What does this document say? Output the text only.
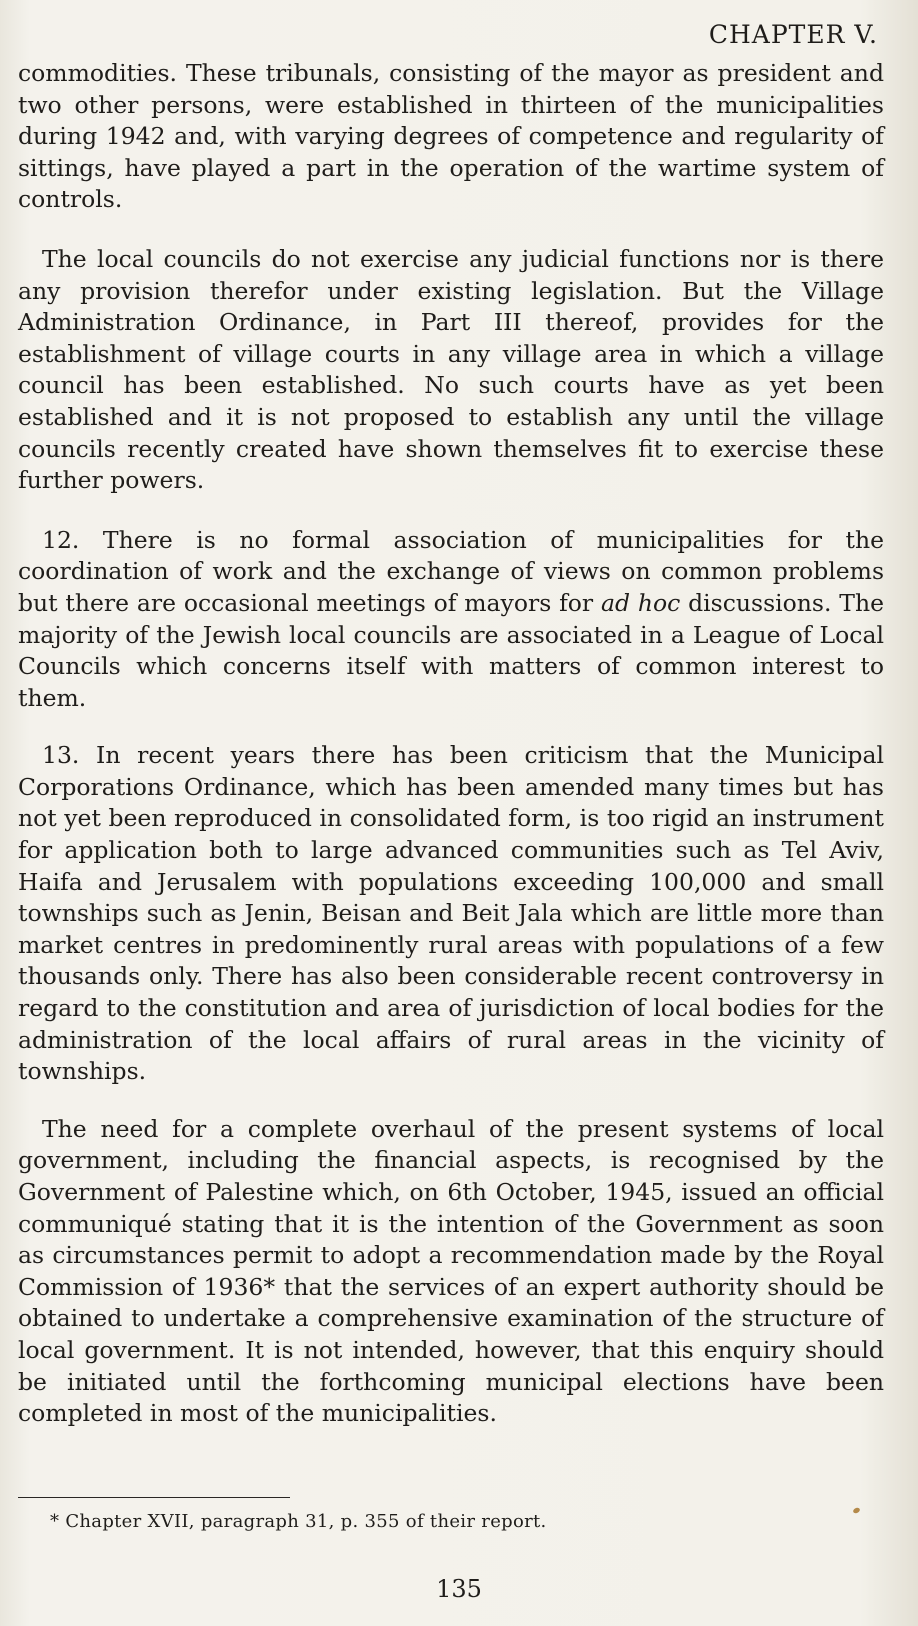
CHAPTER V.

commodities. These tribunals, consisting of the mayor as president and two other persons, were established in thirteen of the municipalities during 1942 and, with varying degrees of competence and regularity of sittings, have played a part in the operation of the wartime system of controls.

The local councils do not exercise any judicial functions nor is there any provision therefor under existing legislation. But the Village Administration Ordinance, in Part III thereof, provides for the establishment of village courts in any village area in which a village council has been established. No such courts have as yet been established and it is not proposed to establish any until the village councils recently created have shown themselves fit to exercise these further powers.

12. There is no formal association of municipalities for the coordination of work and the exchange of views on common problems but there are occasional meetings of mayors for ad hoc discussions. The majority of the Jewish local councils are associated in a League of Local Councils which concerns itself with matters of common interest to them.

13. In recent years there has been criticism that the Municipal Corporations Ordinance, which has been amended many times but has not yet been reproduced in consolidated form, is too rigid an instrument for application both to large advanced communities such as Tel Aviv, Haifa and Jerusalem with populations exceeding 100,000 and small townships such as Jenin, Beisan and Beit Jala which are little more than market centres in predominently rural areas with populations of a few thousands only. There has also been considerable recent controversy in regard to the constitution and area of jurisdiction of local bodies for the administration of the local affairs of rural areas in the vicinity of townships.

The need for a complete overhaul of the present systems of local government, including the financial aspects, is recognised by the Government of Palestine which, on 6th October, 1945, issued an official communiqué stating that it is the intention of the Government as soon as circumstances permit to adopt a recommendation made by the Royal Commission of 1936* that the services of an expert authority should be obtained to undertake a comprehensive examination of the structure of local government. It is not intended, however, that this enquiry should be initiated until the forthcoming municipal elections have been completed in most of the municipalities.

* Chapter XVII, paragraph 31, p. 355 of their report.
135
